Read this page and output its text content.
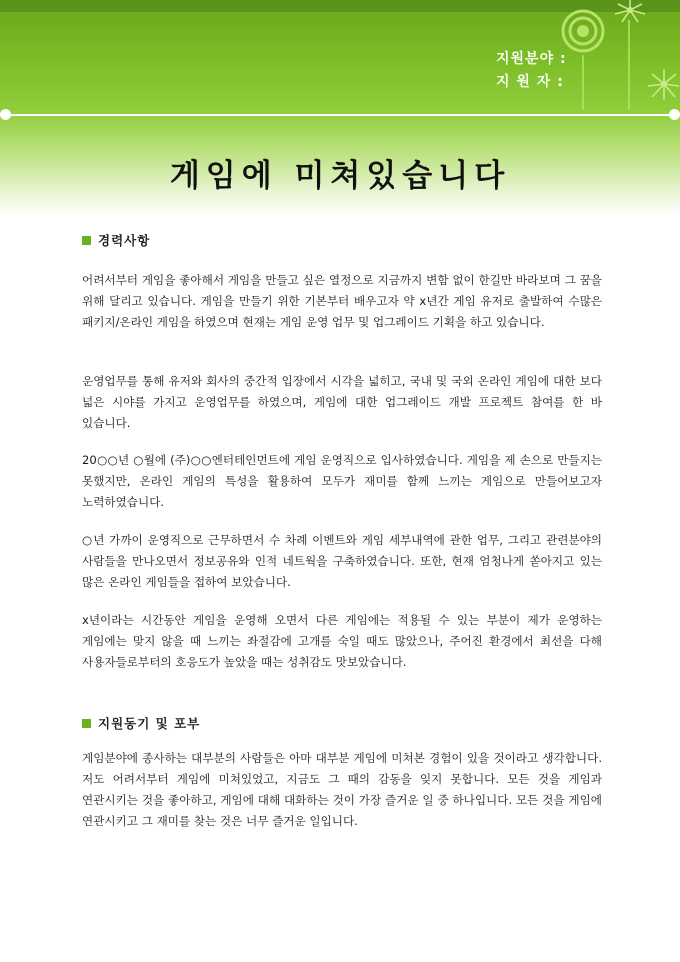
지원분야 :
지 원 자 :
게임에 미쳐있습니다
경력사항

어려서부터 게임을 좋아해서 게임을 만들고 싶은 열정으로 지금까지 변함 없이 한길만 바라보며 그 꿈을 위해 달리고 있습니다. 게임을 만들기 위한 기본부터 배우고자 약 x년간 게임 유저로 출발하여 수많은 패키지/온라인 게임을 하였으며 현재는 게임 운영 업무 및 업그레이드 기획을 하고 있습니다.

운영업무를 통해 유저와 회사의 중간적 입장에서 시각을 넓히고, 국내 및 국외 온라인 게임에 대한 보다 넓은 시야를 가지고 운영업무를 하였으며, 게임에 대한 업그레이드 개발 프로젝트 참여를 한 바 있습니다.

20○○년 ○월에 (주)○○엔터테인먼트에 게임 운영직으로 입사하였습니다. 게임을 제 손으로 만들지는 못했지만, 온라인 게임의 특성을 활용하여 모두가 재미를 함께 느끼는 게임으로 만들어보고자 노력하였습니다.

○년 가까이 운영직으로 근무하면서 수 차례 이벤트와 게임 세부내역에 관한 업무, 그리고 관련분야의 사람들을 만나오면서 정보공유와 인적 네트웍을 구축하였습니다. 또한, 현재 엄청나게 쏟아지고 있는 많은 온라인 게임들을 접하여 보았습니다.

x년이라는 시간동안 게임을 운영해 오면서 다른 게임에는 적용될 수 있는 부분이 제가 운영하는 게임에는 맞지 않을 때 느끼는 좌절감에 고개를 숙일 때도 많았으나, 주어진 환경에서 최선을 다해 사용자들로부터의 호응도가 높았을 때는 성취감도 맛보았습니다.

지원동기 및 포부

게임분야에 종사하는 대부분의 사람들은 아마 대부분 게임에 미쳐본 경험이 있을 것이라고 생각합니다. 저도 어려서부터 게임에 미쳐있었고, 지금도 그 때의 감동을 잊지 못합니다. 모든 것을 게임과 연관시키는 것을 좋아하고, 게임에 대해 대화하는 것이 가장 즐거운 일 중 하나입니다. 모든 것을 게임에 연관시키고 그 재미를 찾는 것은 너무 즐거운 일입니다.
